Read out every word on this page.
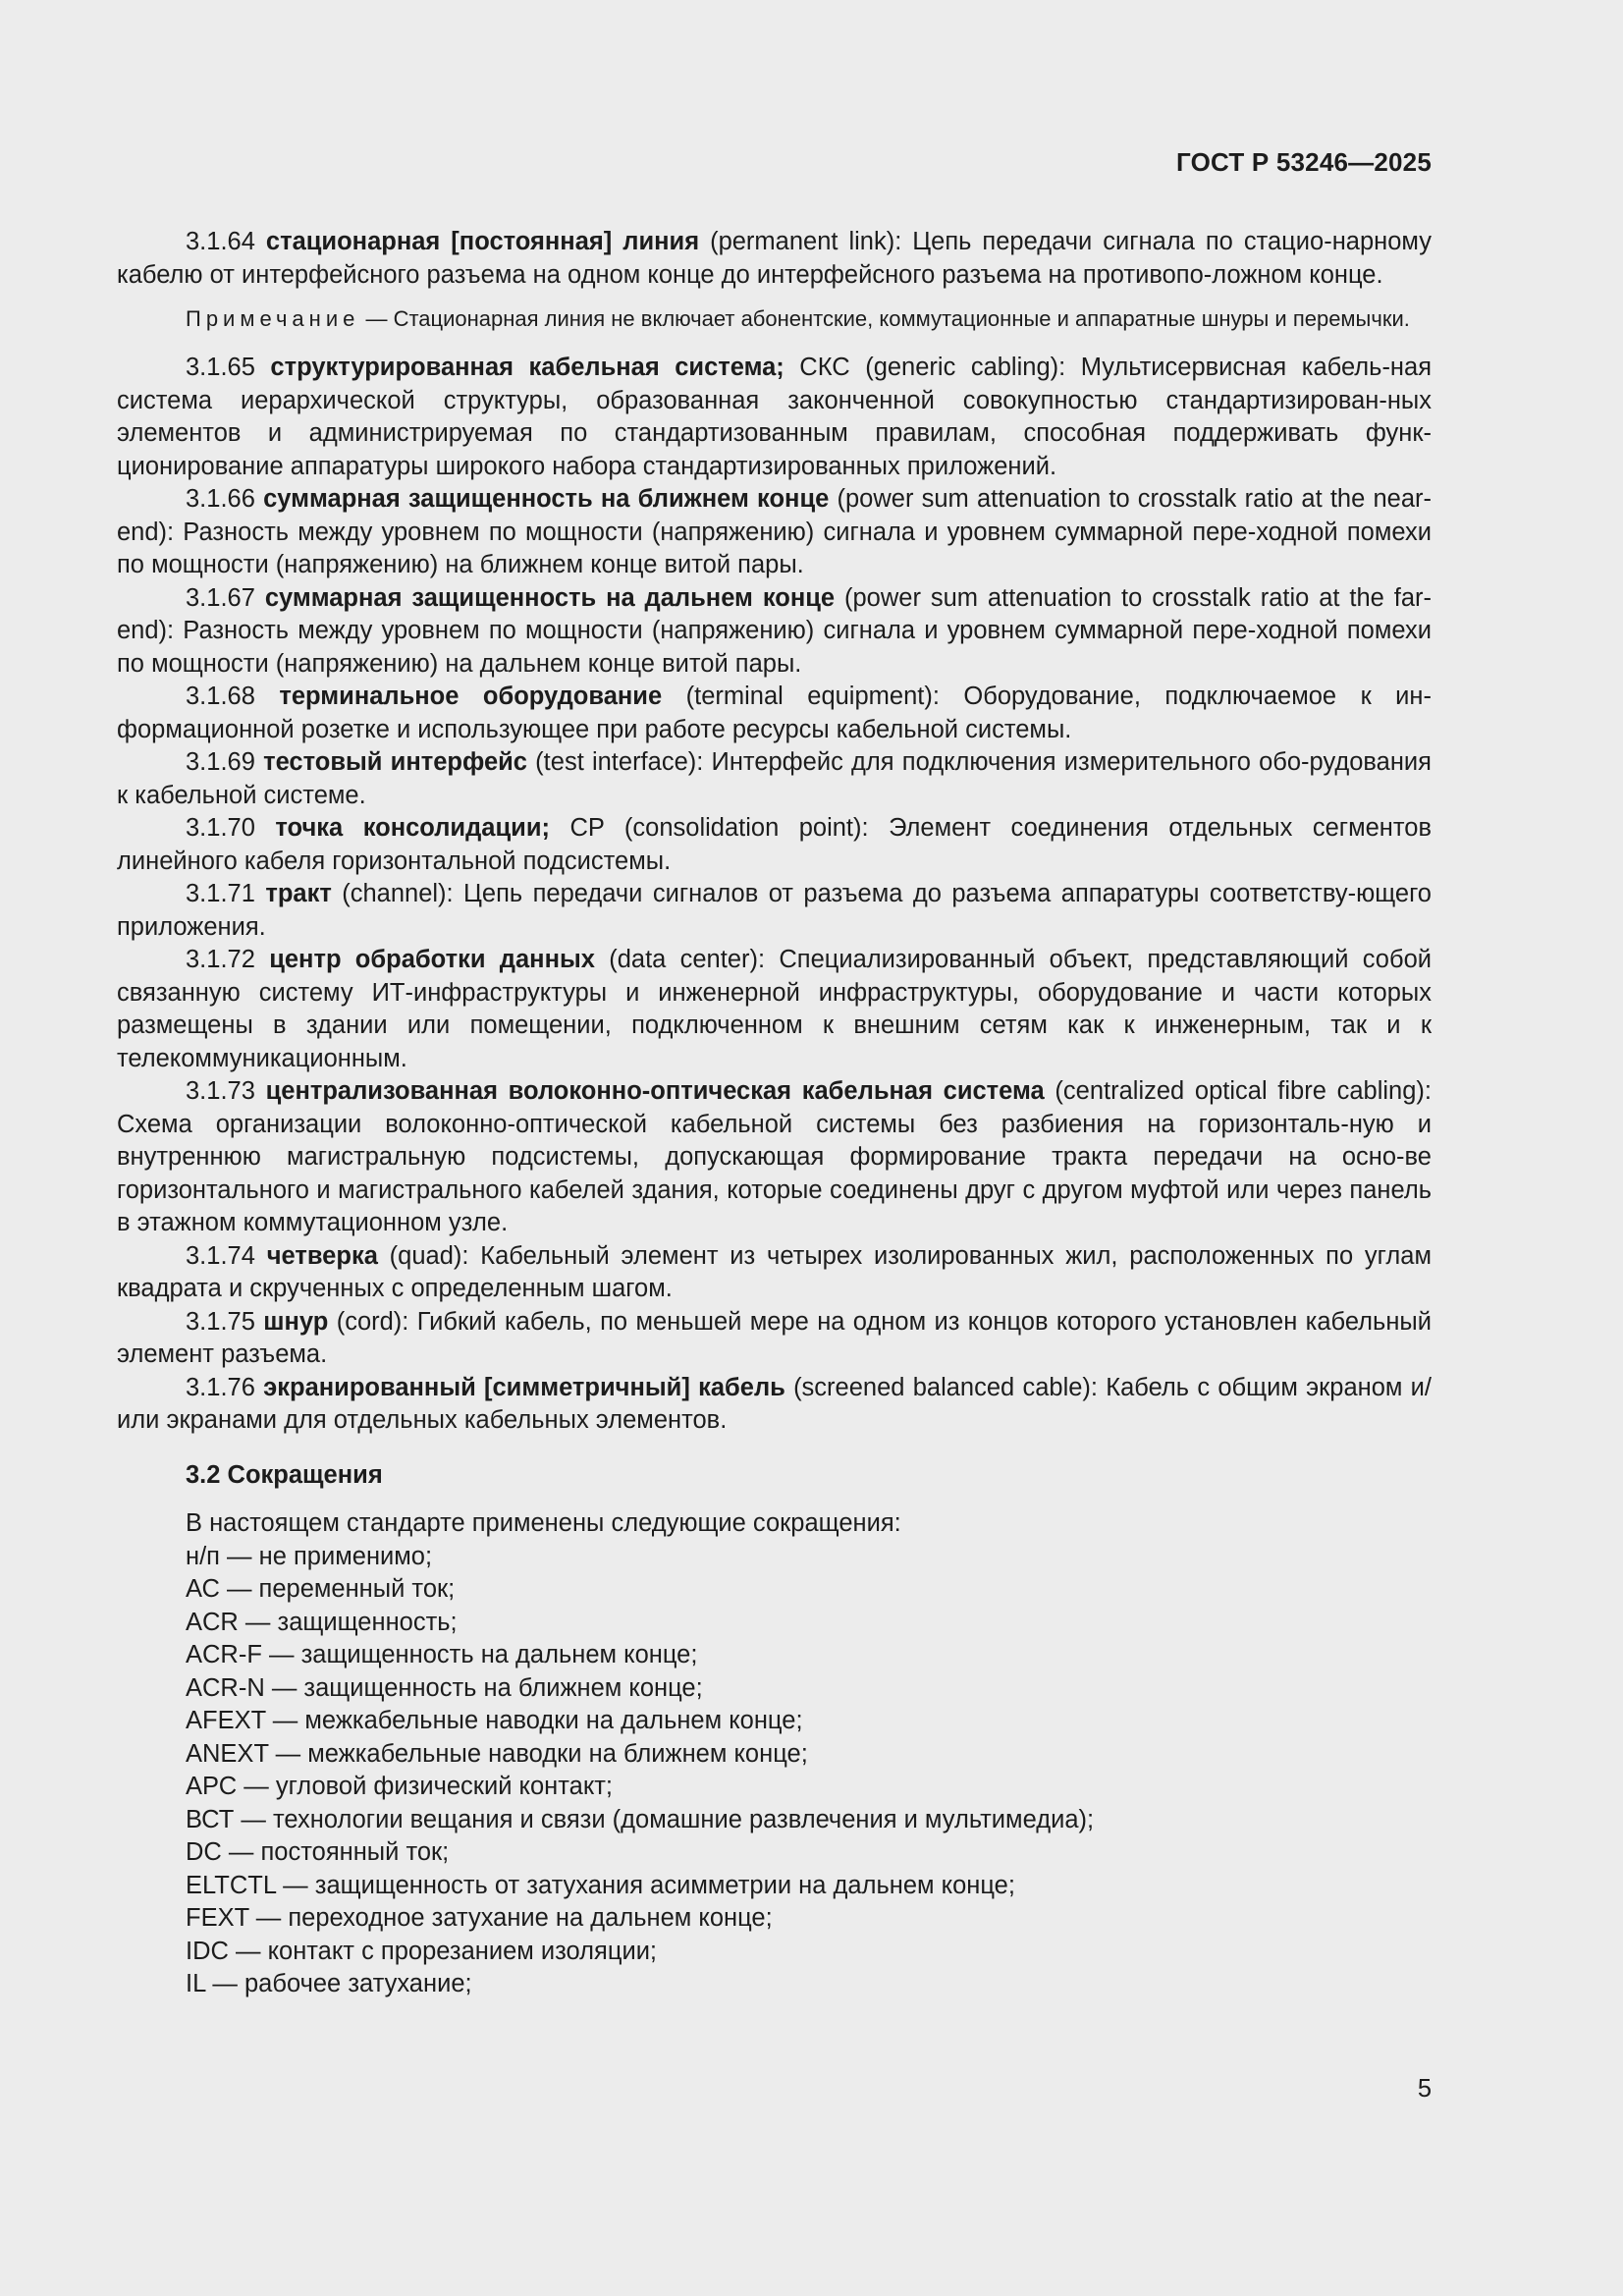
ГОСТ Р 53246—2025

3.1.64 стационарная [постоянная] линия (permanent link): Цепь передачи сигнала по стацио-нарному кабелю от интерфейсного разъема на одном конце до интерфейсного разъема на противопо-ложном конце.

Примечание — Стационарная линия не включает абонентские, коммутационные и аппаратные шнуры и перемычки.

3.1.65 структурированная кабельная система; СКС (generic cabling): Мультисервисная кабель-ная система иерархической структуры, образованная законченной совокупностью стандартизирован-ных элементов и администрируемая по стандартизованным правилам, способная поддерживать функ-ционирование аппаратуры широкого набора стандартизированных приложений.

3.1.66 суммарная защищенность на ближнем конце (power sum attenuation to crosstalk ratio at the near-end): Разность между уровнем по мощности (напряжению) сигнала и уровнем суммарной пере-ходной помехи по мощности (напряжению) на ближнем конце витой пары.

3.1.67 суммарная защищенность на дальнем конце (power sum attenuation to crosstalk ratio at the far-end): Разность между уровнем по мощности (напряжению) сигнала и уровнем суммарной пере-ходной помехи по мощности (напряжению) на дальнем конце витой пары.

3.1.68 терминальное оборудование (terminal equipment): Оборудование, подключаемое к ин-формационной розетке и использующее при работе ресурсы кабельной системы.

3.1.69 тестовый интерфейс (test interface): Интерфейс для подключения измерительного обо-рудования к кабельной системе.

3.1.70 точка консолидации; CP (consolidation point): Элемент соединения отдельных сегментов линейного кабеля горизонтальной подсистемы.

3.1.71 тракт (channel): Цепь передачи сигналов от разъема до разъема аппаратуры соответству-ющего приложения.

3.1.72 центр обработки данных (data center): Специализированный объект, представляющий собой связанную систему ИТ-инфраструктуры и инженерной инфраструктуры, оборудование и части которых размещены в здании или помещении, подключенном к внешним сетям как к инженерным, так и к телекоммуникационным.

3.1.73 централизованная волоконно-оптическая кабельная система (centralized optical fibre cabling): Схема организации волоконно-оптической кабельной системы без разбиения на горизонталь-ную и внутреннюю магистральную подсистемы, допускающая формирование тракта передачи на осно-ве горизонтального и магистрального кабелей здания, которые соединены друг с другом муфтой или через панель в этажном коммутационном узле.

3.1.74 четверка (quad): Кабельный элемент из четырех изолированных жил, расположенных по углам квадрата и скрученных с определенным шагом.

3.1.75 шнур (cord): Гибкий кабель, по меньшей мере на одном из концов которого установлен кабельный элемент разъема.

3.1.76 экранированный [симметричный] кабель (screened balanced cable): Кабель с общим экраном и/или экранами для отдельных кабельных элементов.

3.2 Сокращения
В настоящем стандарте применены следующие сокращения:
н/п — не применимо;
АС — переменный ток;
ACR — защищенность;
ACR-F — защищенность на дальнем конце;
ACR-N — защищенность на ближнем конце;
AFEXT — межкабельные наводки на дальнем конце;
ANEXT — межкабельные наводки на ближнем конце;
АРС — угловой физический контакт;
ВСТ — технологии вещания и связи (домашние развлечения и мультимедиа);
DC — постоянный ток;
ELTCTL — защищенность от затухания асимметрии на дальнем конце;
FEXT — переходное затухание на дальнем конце;
IDC — контакт с прорезанием изоляции;
IL — рабочее затухание;
5
